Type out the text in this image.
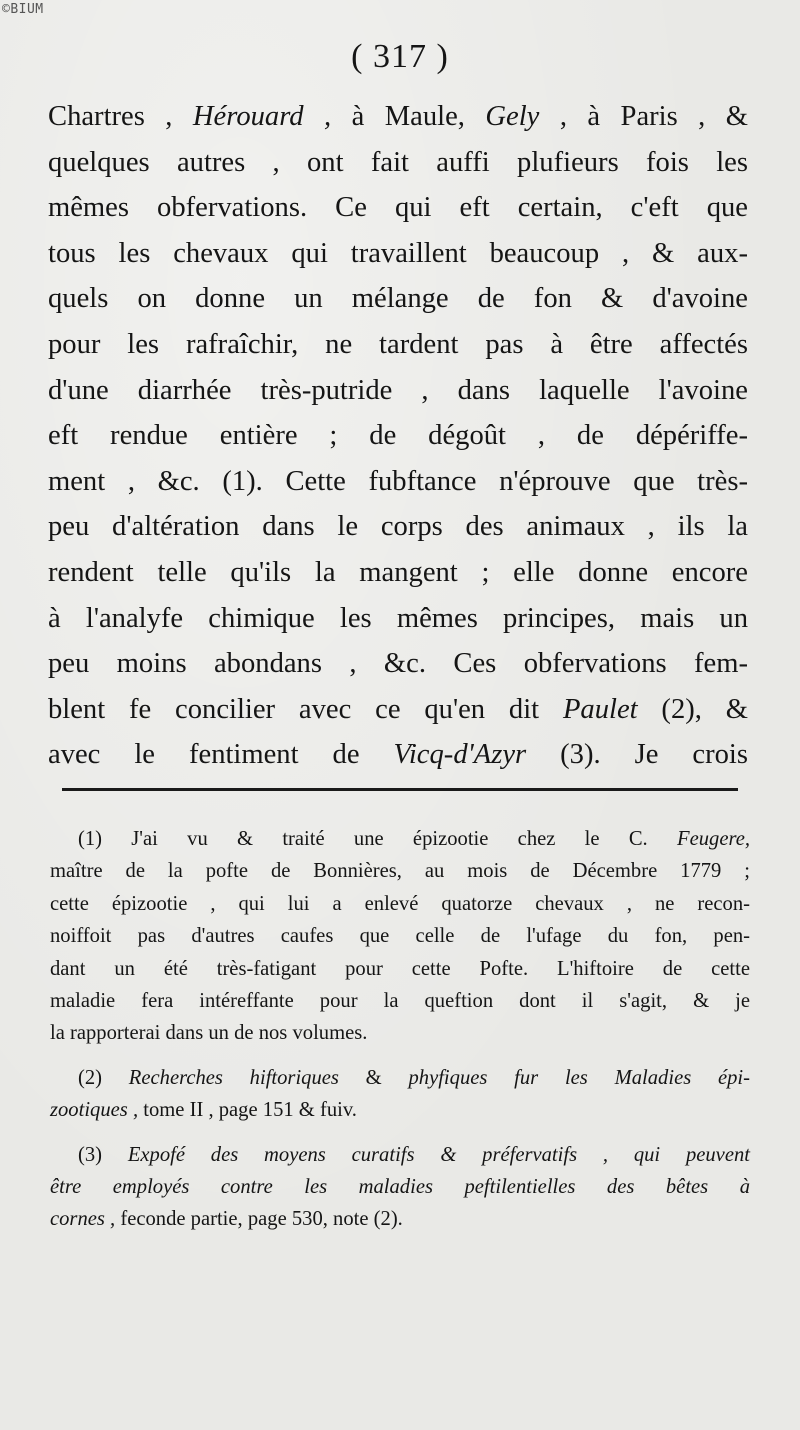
©BIUM
( 317 )
Chartres , Hérouard , à Maule, Gely , à Paris , &
quelques autres , ont fait auffi plufieurs fois les
mêmes obfervations. Ce qui eft certain, c'eft que
tous les chevaux qui travaillent beaucoup , & aux-
quels on donne un mélange de fon & d'avoine
pour les rafraîchir, ne tardent pas à être affectés
d'une diarrhée très-putride , dans laquelle l'avoine
eft rendue entière ; de dégoût , de dépériffe-
ment , &c. (1). Cette fubftance n'éprouve que très-
peu d'altération dans le corps des animaux , ils la
rendent telle qu'ils la mangent ; elle donne encore
à l'analyfe chimique les mêmes principes, mais un
peu moins abondans , &c. Ces obfervations fem-
blent fe concilier avec ce qu'en dit Paulet (2), &
avec le fentiment de Vicq-d'Azyr (3). Je crois
(1) J'ai vu & traité une épizootie chez le C. Feugere,
maître de la pofte de Bonnières, au mois de Décembre 1779 ;
cette épizootie , qui lui a enlevé quatorze chevaux , ne recon-
noiffoit pas d'autres caufes que celle de l'ufage du fon, pen-
dant un été très-fatigant pour cette Pofte. L'hiftoire de cette
maladie fera intéreffante pour la queftion dont il s'agit, & je
la rapporterai dans un de nos volumes.
(2) Recherches hiftoriques & phyfiques fur les Maladies épi-
zootiques , tome II , page 151 & fuiv.
(3) Expofé des moyens curatifs & préfervatifs , qui peuvent
être employés contre les maladies peftilentielles des bêtes à
cornes , feconde partie, page 530, note (2).
